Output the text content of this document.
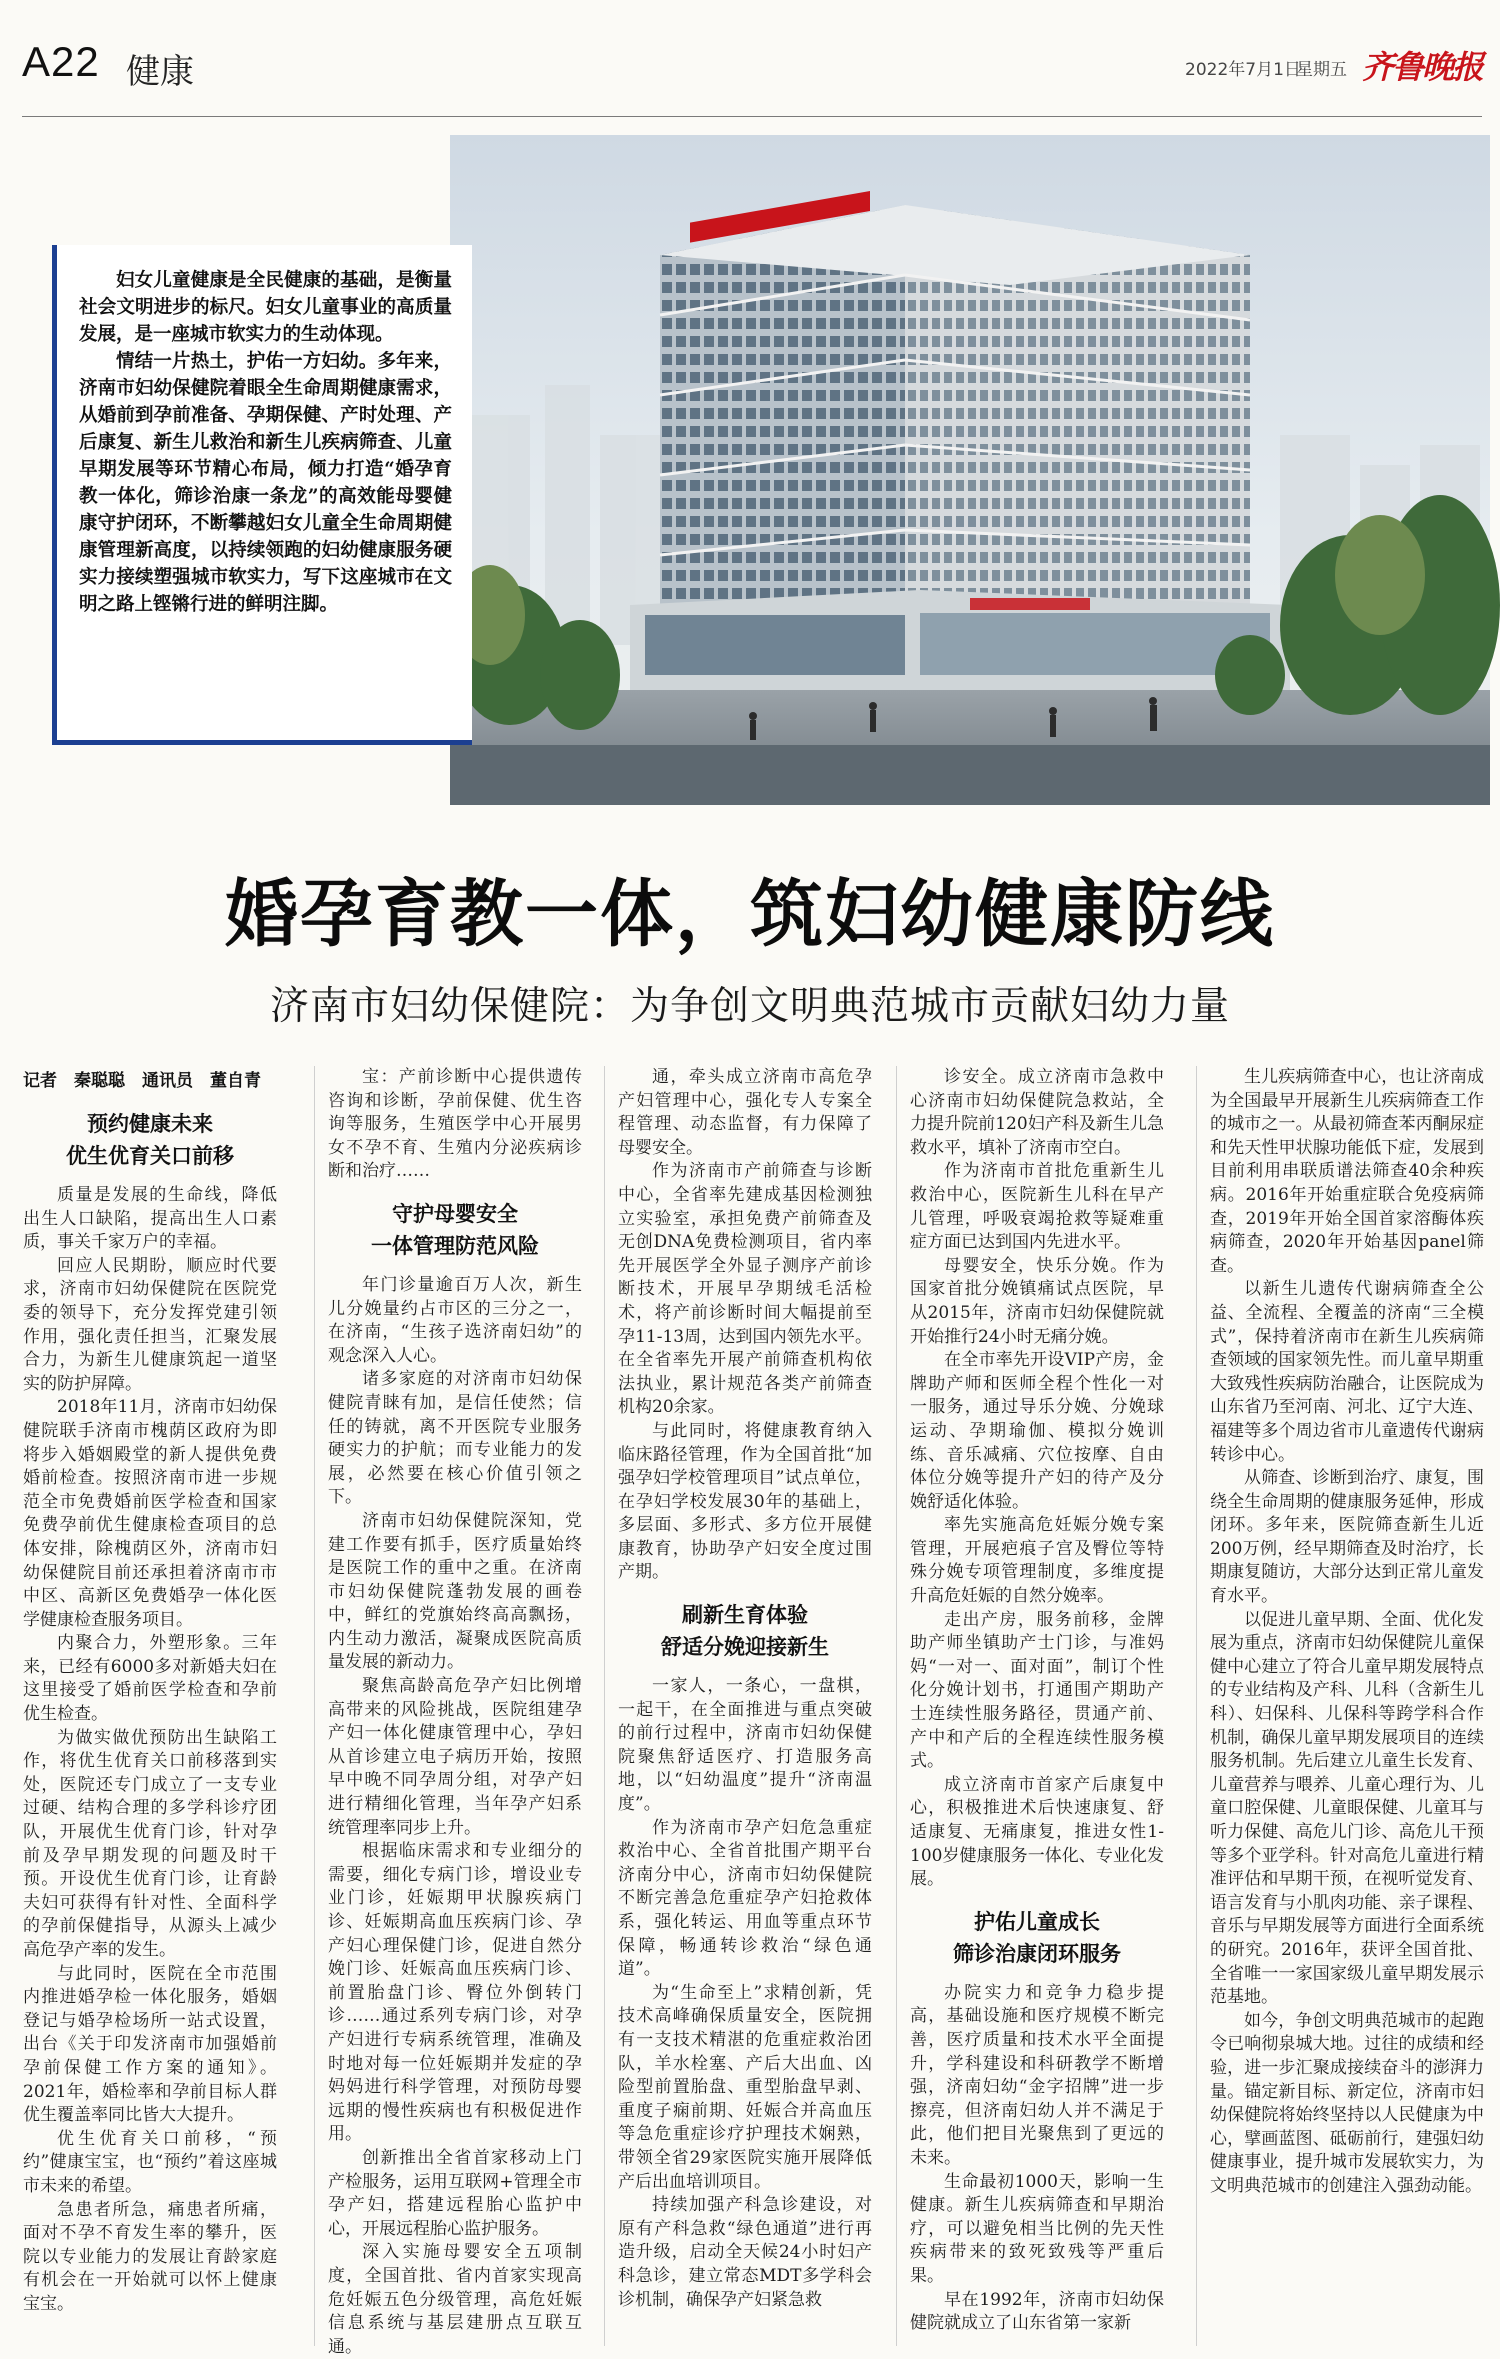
A22 健康	2022年7月1日
星期五 齐鲁晚报

妇女儿童健康是全民健康的基础，是衡量社会文明进步的标尺。妇女儿童事业的高质量发展，是一座城市软实力的生动体现。

情结一片热土，护佑一方妇幼。多年来，济南市妇幼保健院着眼全生命周期健康需求，从婚前到孕前准备、孕期保健、产时处理、产后康复、新生儿救治和新生儿疾病筛查、儿童早期发展等环节精心布局，倾力打造“婚孕育教一体化，筛诊治康一条龙”的高效能母婴健康守护闭环，不断攀越妇女儿童全生命周期健康管理新高度，以持续领跑的妇幼健康服务硬实力接续塑强城市软实力，写下这座城市在文明之路上铿锵行进的鲜明注脚。

婚孕育教一体，筑妇幼健康防线
济南市妇幼保健院：为争创文明典范城市贡献妇幼力量
记者　秦聪聪　通讯员　董自青
预约健康未来
优生优育关口前移

质量是发展的生命线，降低出生人口缺陷，提高出生人口素质，事关千家万户的幸福。

回应人民期盼，顺应时代要求，济南市妇幼保健院在医院党委的领导下，充分发挥党建引领作用，强化责任担当，汇聚发展合力，为新生儿健康筑起一道坚实的防护屏障。

2018年11月，济南市妇幼保健院联手济南市槐荫区政府为即将步入婚姻殿堂的新人提供免费婚前检查。按照济南市进一步规范全市免费婚前医学检查和国家免费孕前优生健康检查项目的总体安排，除槐荫区外，济南市妇幼保健院目前还承担着济南市市中区、高新区免费婚孕一体化医学健康检查服务项目。

内聚合力，外塑形象。三年来，已经有6000多对新婚夫妇在这里接受了婚前医学检查和孕前优生检查。

为做实做优预防出生缺陷工作，将优生优育关口前移落到实处，医院还专门成立了一支专业过硬、结构合理的多学科诊疗团队，开展优生优育门诊，针对孕前及孕早期发现的问题及时干预。开设优生优育门诊，让育龄夫妇可获得有针对性、全面科学的孕前保健指导，从源头上减少高危孕产率的发生。

与此同时，医院在全市范围内推进婚孕检一体化服务，婚姻登记与婚孕检场所一站式设置，出台《关于印发济南市加强婚前孕前保健工作方案的通知》。2021年，婚检率和孕前目标人群优生覆盖率同比皆大大提升。

优生优育关口前移，“预约”健康宝宝，也“预约”着这座城市未来的希望。

急患者所急，痛患者所痛，面对不孕不育发生率的攀升，医院以专业能力的发展让育龄家庭有机会在一开始就可以怀上健康宝宝。

宝：产前诊断中心提供遗传咨询和诊断，孕前保健、优生咨询等服务，生殖医学中心开展男女不孕不育、生殖内分泌疾病诊断和治疗……

守护母婴安全
一体管理防范风险

年门诊量逾百万人次，新生儿分娩量约占市区的三分之一，在济南，“生孩子选济南妇幼”的观念深入人心。

诸多家庭的对济南市妇幼保健院青睐有加，是信任使然；信任的铸就，离不开医院专业服务硬实力的护航；而专业能力的发展，必然要在核心价值引领之下。

济南市妇幼保健院深知，党建工作要有抓手，医疗质量始终是医院工作的重中之重。在济南市妇幼保健院蓬勃发展的画卷中，鲜红的党旗始终高高飘扬，内生动力激活，凝聚成医院高质量发展的新动力。

聚焦高龄高危孕产妇比例增高带来的风险挑战，医院组建孕产妇一体化健康管理中心，孕妇从首诊建立电子病历开始，按照早中晚不同孕周分组，对孕产妇进行精细化管理，当年孕产妇系统管理率同步上升。

根据临床需求和专业细分的需要，细化专病门诊，增设业专业门诊，妊娠期甲状腺疾病门诊、妊娠期高血压疾病门诊、孕产妇心理保健门诊，促进自然分娩门诊、妊娠高血压疾病门诊、前置胎盘门诊、臀位外倒转门诊……通过系列专病门诊，对孕产妇进行专病系统管理，准确及时地对每一位妊娠期并发症的孕妈妈进行科学管理，对预防母婴远期的慢性疾病也有积极促进作用。

创新推出全省首家移动上门产检服务，运用互联网+管理全市孕产妇，搭建远程胎心监护中心，开展远程胎心监护服务。

深入实施母婴安全五项制度，全国首批、省内首家实现高危妊娠五色分级管理，高危妊娠信息系统与基层建册点互联互通。

通，牵头成立济南市高危孕产妇管理中心，强化专人专案全程管理、动态监督，有力保障了母婴安全。

作为济南市产前筛查与诊断中心，全省率先建成基因检测独立实验室，承担免费产前筛查及无创DNA免费检测项目，省内率先开展医学全外显子测序产前诊断技术，开展早孕期绒毛活检术，将产前诊断时间大幅提前至孕11-13周，达到国内领先水平。在全省率先开展产前筛查机构依法执业，累计规范各类产前筛查机构20余家。

与此同时，将健康教育纳入临床路径管理，作为全国首批“加强孕妇学校管理项目”试点单位，在孕妇学校发展30年的基础上，多层面、多形式、多方位开展健康教育，协助孕产妇安全度过围产期。

刷新生育体验
舒适分娩迎接新生

一家人，一条心，一盘棋，一起干，在全面推进与重点突破的前行过程中，济南市妇幼保健院聚焦舒适医疗、打造服务高地，以“妇幼温度”提升“济南温度”。

作为济南市孕产妇危急重症救治中心、全省首批围产期平台济南分中心，济南市妇幼保健院不断完善急危重症孕产妇抢救体系，强化转运、用血等重点环节保障，畅通转诊救治“绿色通道”。

为“生命至上”求精创新，凭技术高峰确保质量安全，医院拥有一支技术精湛的危重症救治团队，羊水栓塞、产后大出血、凶险型前置胎盘、重型胎盘早剥、重度子痫前期、妊娠合并高血压等急危重症诊疗护理技术娴熟，带领全省29家医院实施开展降低产后出血培训项目。

持续加强产科急诊建设，对原有产科急救“绿色通道”进行再造升级，启动全天候24小时妇产科急诊，建立常态MDT多学科会诊机制，确保孕产妇紧急救

诊安全。成立济南市急救中心济南市妇幼保健院急救站，全力提升院前120妇产科及新生儿急救水平，填补了济南市空白。

作为济南市首批危重新生儿救治中心，医院新生儿科在早产儿管理，呼吸衰竭抢救等疑难重症方面已达到国内先进水平。

母婴安全，快乐分娩。作为国家首批分娩镇痛试点医院，早从2015年，济南市妇幼保健院就开始推行24小时无痛分娩。

在全市率先开设VIP产房，金牌助产师和医师全程个性化一对一服务，通过导乐分娩、分娩球运动、孕期瑜伽、模拟分娩训练、音乐减痛、穴位按摩、自由体位分娩等提升产妇的待产及分娩舒适化体验。

率先实施高危妊娠分娩专案管理，开展疤痕子宫及臀位等特殊分娩专项管理制度，多维度提升高危妊娠的自然分娩率。

走出产房，服务前移，金牌助产师坐镇助产士门诊，与准妈妈“一对一、面对面”，制订个性化分娩计划书，打通围产期助产士连续性服务路径，贯通产前、产中和产后的全程连续性服务模式。

成立济南市首家产后康复中心，积极推进术后快速康复、舒适康复、无痛康复，推进女性1-100岁健康服务一体化、专业化发展。

护佑儿童成长
筛诊治康闭环服务

办院实力和竞争力稳步提高，基础设施和医疗规模不断完善，医疗质量和技术水平全面提升，学科建设和科研教学不断增强，济南妇幼“金字招牌”进一步擦亮，但济南妇幼人并不满足于此，他们把目光聚焦到了更远的未来。

生命最初1000天，影响一生健康。新生儿疾病筛查和早期治疗，可以避免相当比例的先天性疾病带来的致死致残等严重后果。

早在1992年，济南市妇幼保健院就成立了山东省第一家新

生儿疾病筛查中心，也让济南成为全国最早开展新生儿疾病筛查工作的城市之一。从最初筛查苯丙酮尿症和先天性甲状腺功能低下症，发展到目前利用串联质谱法筛查40余种疾病。2016年开始重症联合免疫病筛查，2019年开始全国首家溶酶体疾病筛查，2020年开始基因panel筛查。

以新生儿遗传代谢病筛查全公益、全流程、全覆盖的济南“三全模式”，保持着济南市在新生儿疾病筛查领域的国家领先性。而儿童早期重大致残性疾病防治融合，让医院成为山东省乃至河南、河北、辽宁大连、福建等多个周边省市儿童遗传代谢病转诊中心。

从筛查、诊断到治疗、康复，围绕全生命周期的健康服务延伸，形成闭环。多年来，医院筛查新生儿近200万例，经早期筛查及时治疗，长期康复随访，大部分达到正常儿童发育水平。

以促进儿童早期、全面、优化发展为重点，济南市妇幼保健院儿童保健中心建立了符合儿童早期发展特点的专业结构及产科、儿科（含新生儿科）、妇保科、儿保科等跨学科合作机制，确保儿童早期发展项目的连续服务机制。先后建立儿童生长发育、儿童营养与喂养、儿童心理行为、儿童口腔保健、儿童眼保健、儿童耳与听力保健、高危儿门诊、高危儿干预等多个亚学科。针对高危儿童进行精准评估和早期干预，在视听觉发育、语言发育与小肌肉功能、亲子课程、音乐与早期发展等方面进行全面系统的研究。2016年，获评全国首批、全省唯一一家国家级儿童早期发展示范基地。

如今，争创文明典范城市的起跑令已响彻泉城大地。过往的成绩和经验，进一步汇聚成接续奋斗的澎湃力量。锚定新目标、新定位，济南市妇幼保健院将始终坚持以人民健康为中心，擘画蓝图、砥砺前行，建强妇幼健康事业，提升城市发展软实力，为文明典范城市的创建注入强劲动能。
